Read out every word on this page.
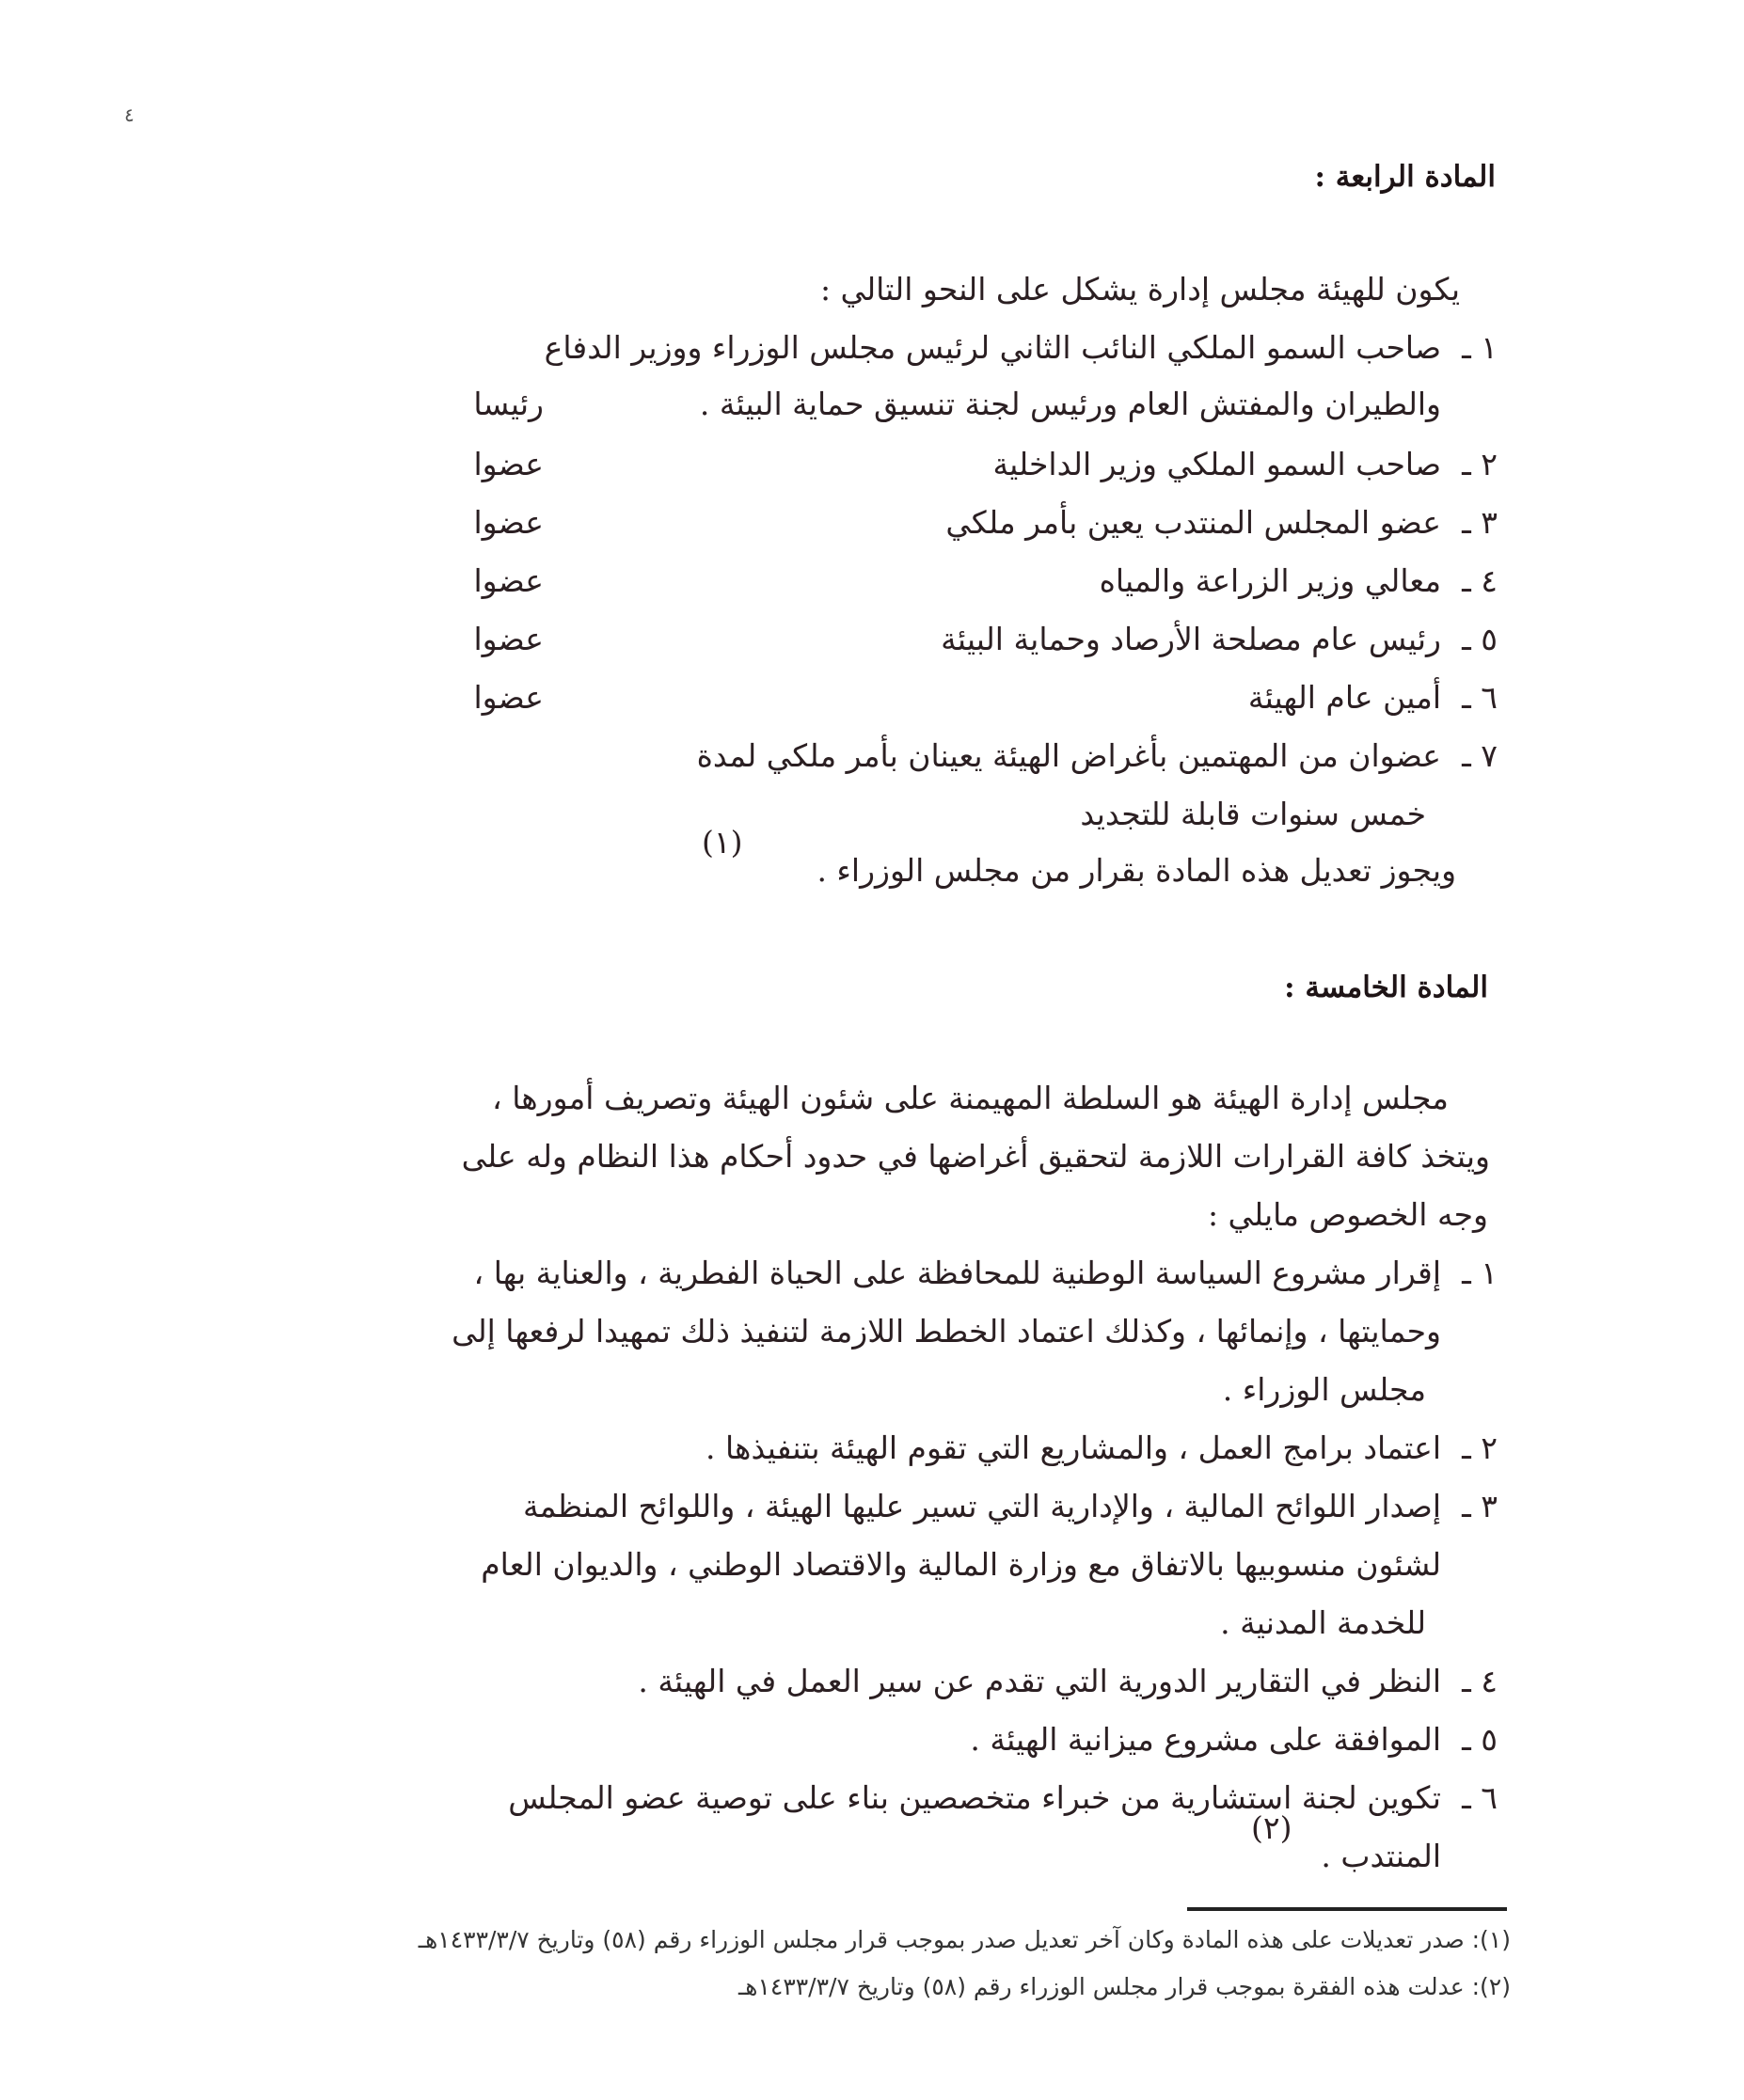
٤
المادة الرابعة :
يكون للهيئة مجلس إدارة يشكل على النحو التالي :
١ ـ
صاحب السمو الملكي النائب الثاني لرئيس مجلس الوزراء ووزير الدفاع
والطيران والمفتش العام ورئيس لجنة تنسيق حماية البيئة .
رئيسا
٢ ـ
صاحب السمو الملكي وزير الداخلية
عضوا
٣ ـ
عضو المجلس المنتدب يعين بأمر ملكي
عضوا
٤ ـ
معالي وزير الزراعة والمياه
عضوا
٥ ـ
رئيس عام مصلحة الأرصاد وحماية البيئة
عضوا
٦ ـ
أمين عام الهيئة
عضوا
٧ ـ
عضوان من المهتمين بأغراض الهيئة يعينان بأمر ملكي لمدة
خمس سنوات قابلة للتجديد
(١)
ويجوز تعديل هذه المادة بقرار من مجلس الوزراء .
المادة الخامسة :
مجلس إدارة الهيئة هو السلطة المهيمنة على شئون الهيئة وتصريف أمورها ،
ويتخذ كافة القرارات اللازمة لتحقيق أغراضها في حدود أحكام هذا النظام وله على
وجه الخصوص مايلي :
١ ـ
إقرار مشروع السياسة الوطنية للمحافظة على الحياة الفطرية ، والعناية بها ،
وحمايتها ، وإنمائها ، وكذلك اعتماد الخطط اللازمة لتنفيذ ذلك تمهيدا لرفعها إلى
مجلس الوزراء .
٢ ـ
اعتماد برامج العمل ، والمشاريع التي تقوم الهيئة بتنفيذها .
٣ ـ
إصدار اللوائح المالية ، والإدارية التي تسير عليها الهيئة ، واللوائح المنظمة
لشئون منسوبيها بالاتفاق مع وزارة المالية والاقتصاد الوطني ، والديوان العام
للخدمة المدنية .
٤ ـ
النظر في التقارير الدورية التي تقدم عن سير العمل في الهيئة .
٥ ـ
الموافقة على مشروع ميزانية الهيئة .
٦ ـ
تكوين لجنة استشارية من خبراء متخصصين بناء على توصية عضو المجلس
المنتدب .
(٢)
(١): صدر تعديلات على هذه المادة وكان آخر تعديل صدر بموجب قرار مجلس الوزراء رقم (٥٨) وتاريخ ١٤٣٣/٣/٧هـ
(٢): عدلت هذه الفقرة بموجب قرار مجلس الوزراء رقم (٥٨) وتاريخ ١٤٣٣/٣/٧هـ
